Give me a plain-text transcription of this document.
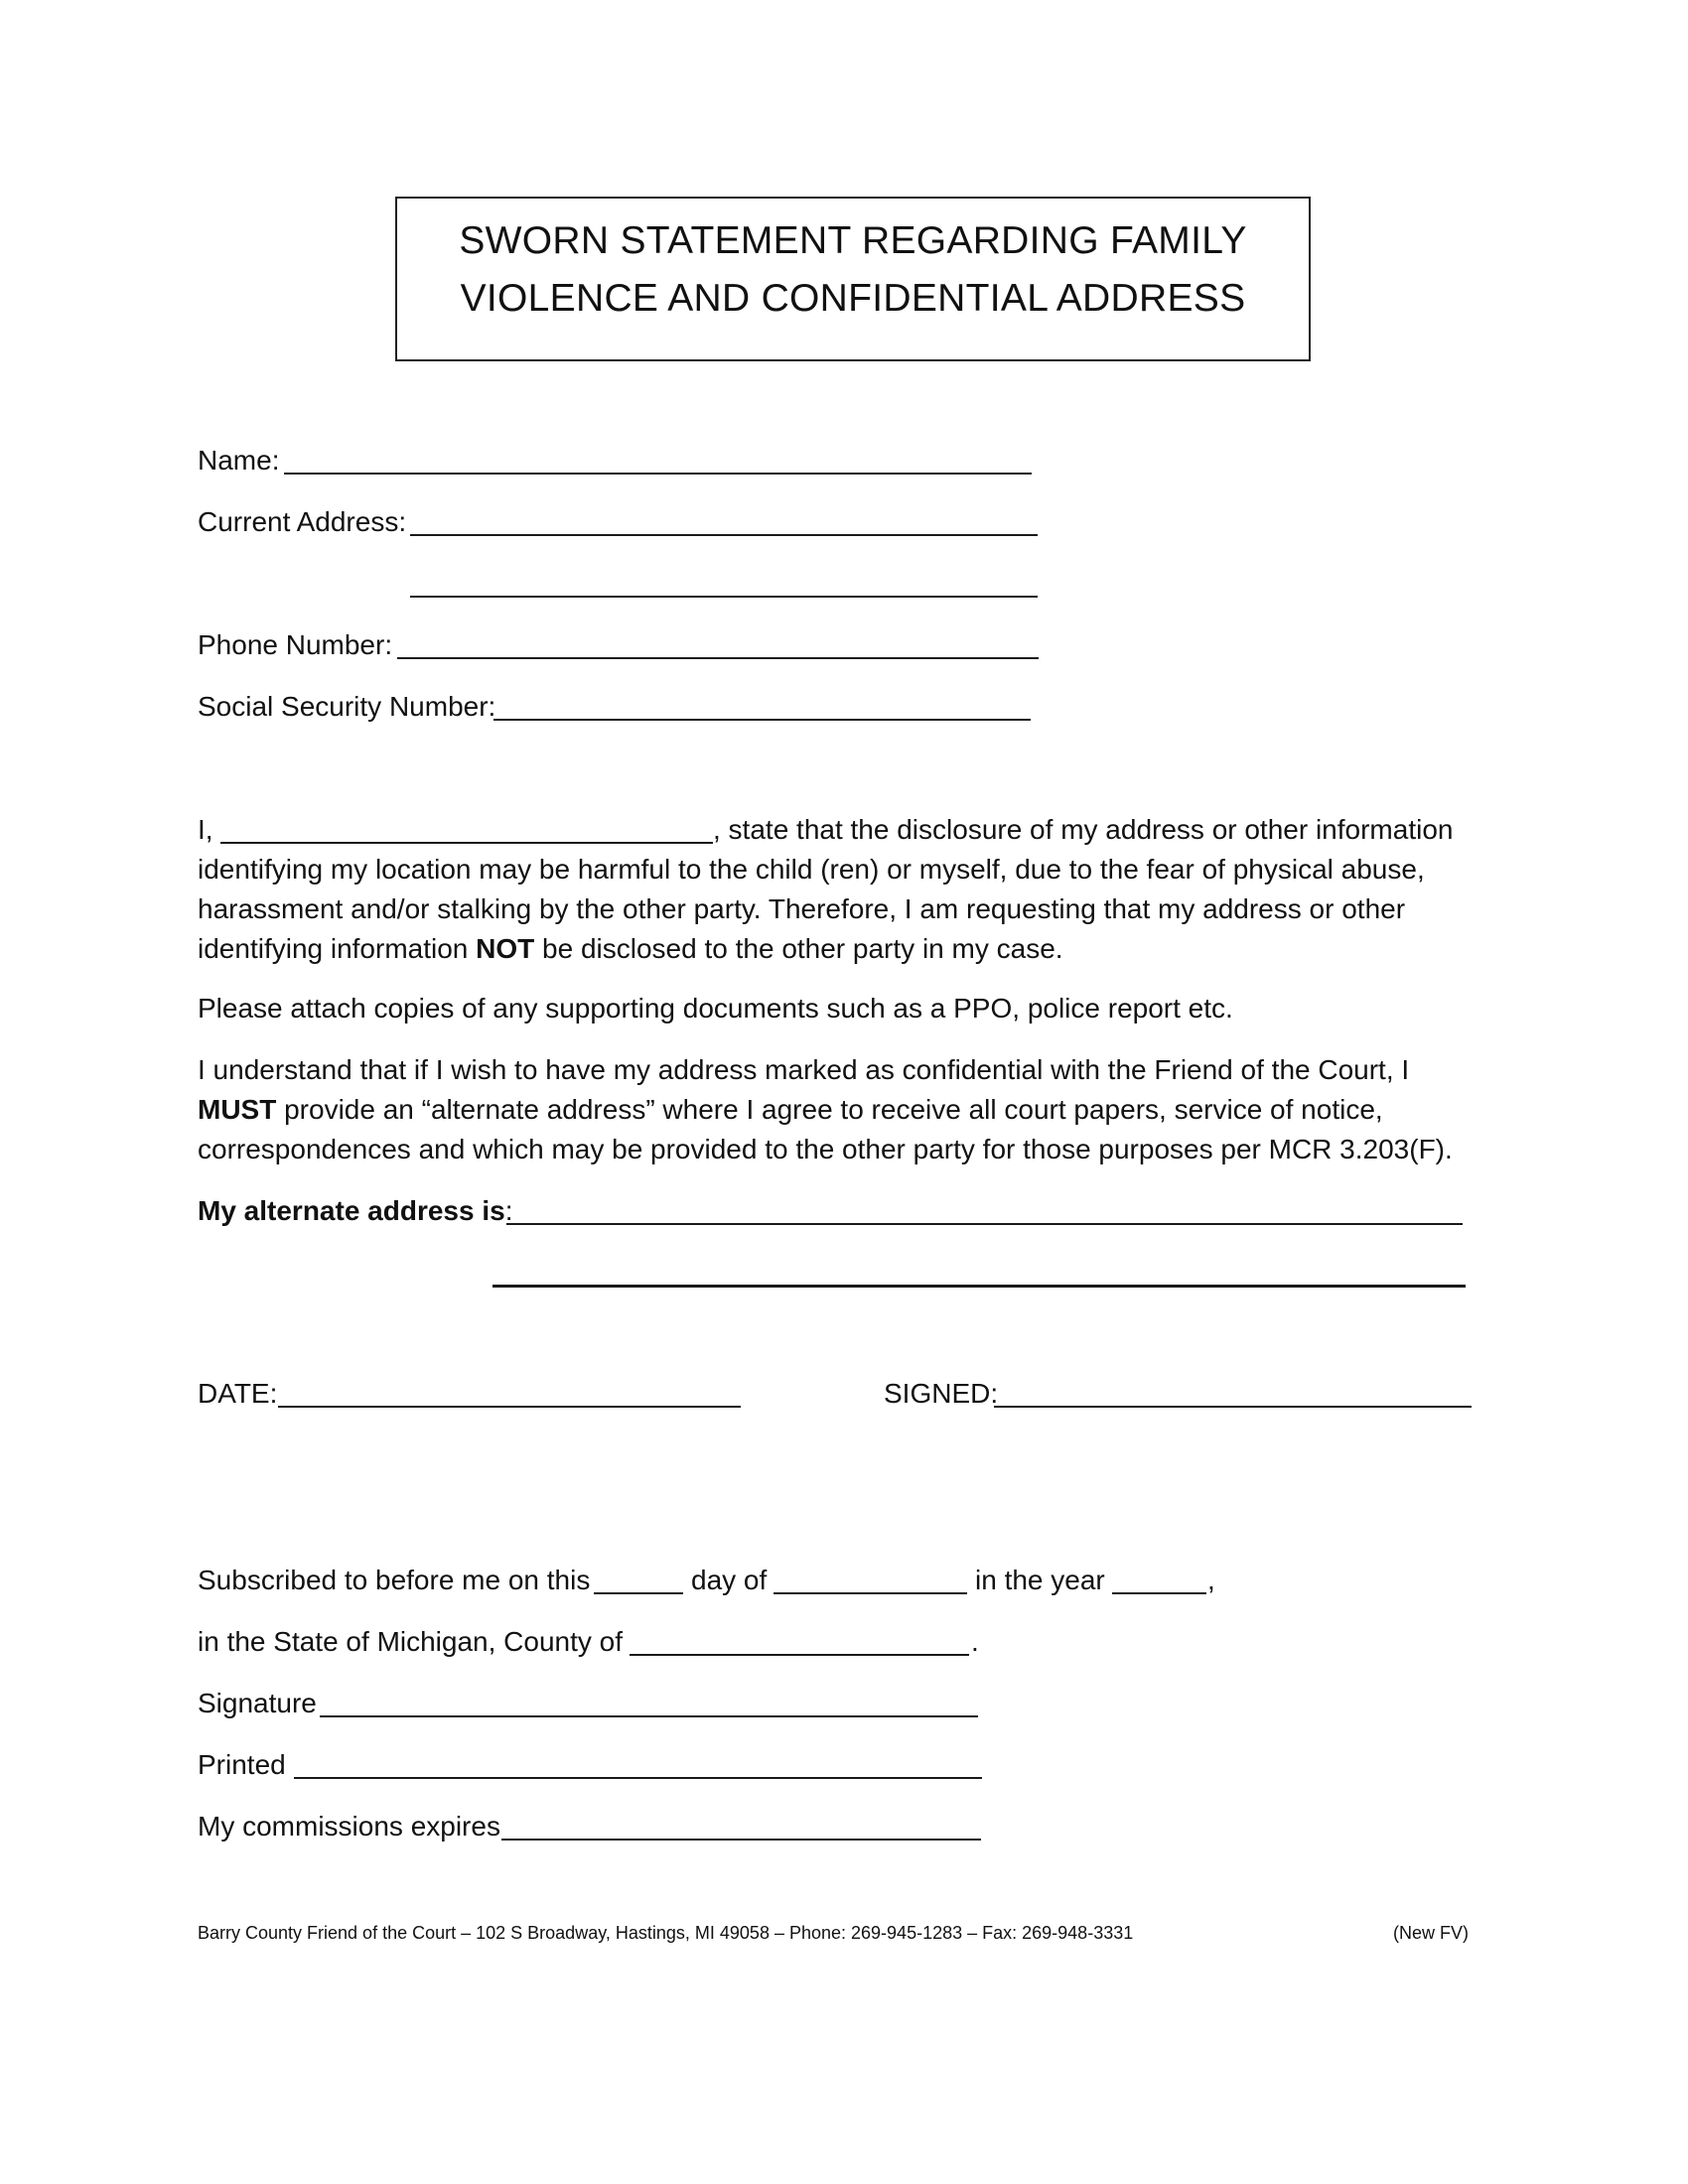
SWORN STATEMENT REGARDING FAMILY
VIOLENCE AND CONFIDENTIAL ADDRESS
Name:
Current Address:
Phone Number:
Social Security Number:
I,	, state that the disclosure of my address or other information
identifying my location may be harmful to the child (ren) or myself, due to the fear of physical abuse,
harassment and/or stalking by the other party. Therefore, I am requesting that my address or other
identifying information NOT be disclosed to the other party in my case.
Please attach copies of any supporting documents such as a PPO, police report etc.
I understand that if I wish to have my address marked as confidential with the Friend of the Court, I
MUST provide an “alternate address” where I agree to receive all court papers, service of notice,
correspondences and which may be provided to the other party for those purposes per MCR 3.203(F).
My alternate address is:
DATE:	SIGNED:
Subscribed to before me on this	day of	in the year	,
in the State of Michigan, County of	.
Signature
Printed
My commissions expires
Barry County Friend of the Court – 102 S Broadway, Hastings, MI 49058 – Phone: 269-945-1283 – Fax: 269-948-3331	(New FV)
